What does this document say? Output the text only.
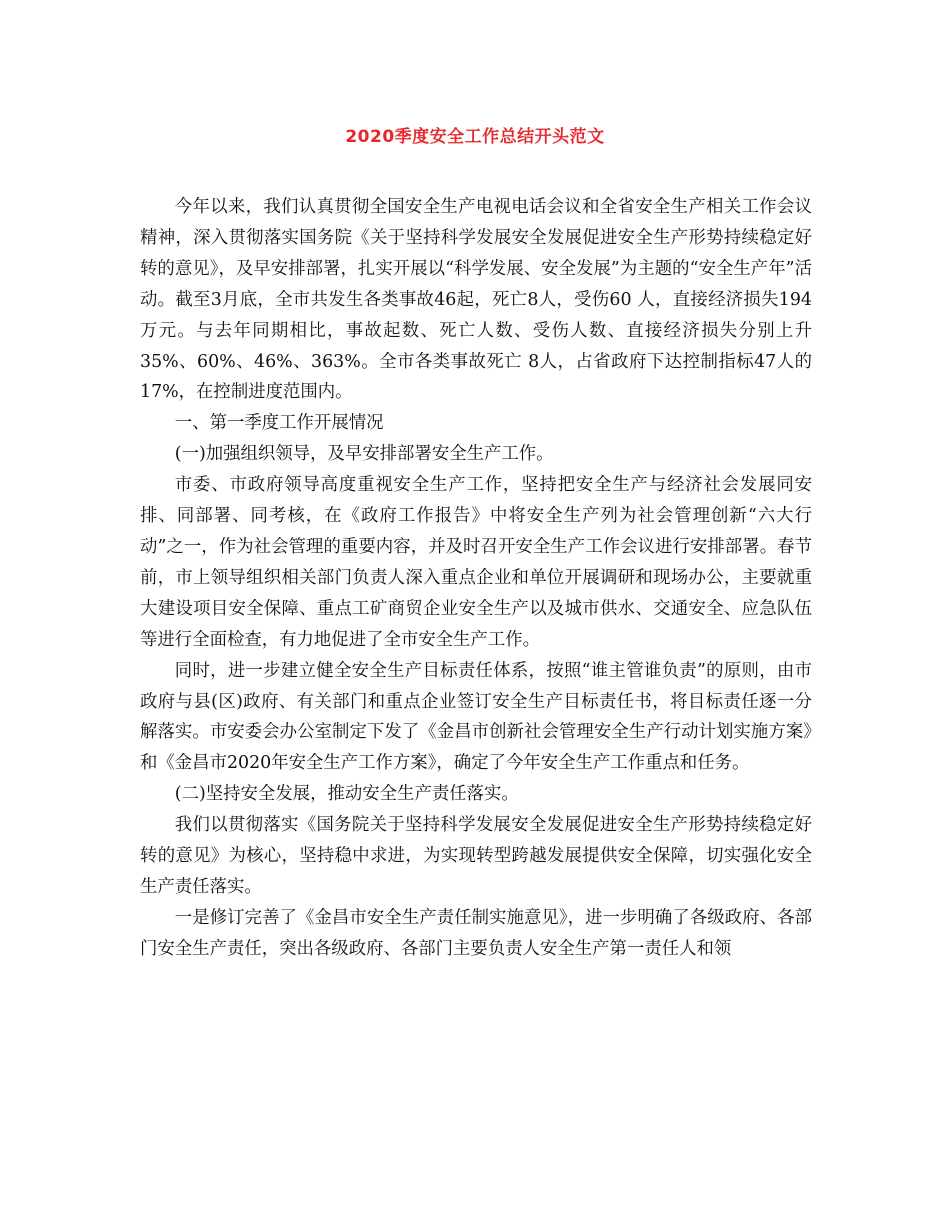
2020季度安全工作总结开头范文

今年以来，我们认真贯彻全国安全生产电视电话会议和全省安全生产相关工作会议精神，深入贯彻落实国务院《关于坚持科学发展安全发展促进安全生产形势持续稳定好转的意见》，及早安排部署，扎实开展以“科学发展、安全发展”为主题的“安全生产年”活动。截至3月底，全市共发生各类事故46起，死亡8人，受伤60 人，直接经济损失194万元。与去年同期相比，事故起数、死亡人数、受伤人数、直接经济损失分别上升35%、60%、46%、363%。全市各类事故死亡 8人，占省政府下达控制指标47人的17%，在控制进度范围内。

一、第一季度工作开展情况

(一)加强组织领导，及早安排部署安全生产工作。

市委、市政府领导高度重视安全生产工作，坚持把安全生产与经济社会发展同安排、同部署、同考核，在《政府工作报告》中将安全生产列为社会管理创新“六大行动”之一，作为社会管理的重要内容，并及时召开安全生产工作会议进行安排部署。春节前，市上领导组织相关部门负责人深入重点企业和单位开展调研和现场办公，主要就重大建设项目安全保障、重点工矿商贸企业安全生产以及城市供水、交通安全、应急队伍等进行全面检查，有力地促进了全市安全生产工作。

同时，进一步建立健全安全生产目标责任体系，按照“谁主管谁负责”的原则，由市政府与县(区)政府、有关部门和重点企业签订安全生产目标责任书，将目标责任逐一分解落实。市安委会办公室制定下发了《金昌市创新社会管理安全生产行动计划实施方案》和《金昌市2020年安全生产工作方案》，确定了今年安全生产工作重点和任务。

(二)坚持安全发展，推动安全生产责任落实。

我们以贯彻落实《国务院关于坚持科学发展安全发展促进安全生产形势持续稳定好转的意见》为核心，坚持稳中求进，为实现转型跨越发展提供安全保障，切实强化安全生产责任落实。

一是修订完善了《金昌市安全生产责任制实施意见》，进一步明确了各级政府、各部门安全生产责任，突出各级政府、各部门主要负责人安全生产第一责任人和领
